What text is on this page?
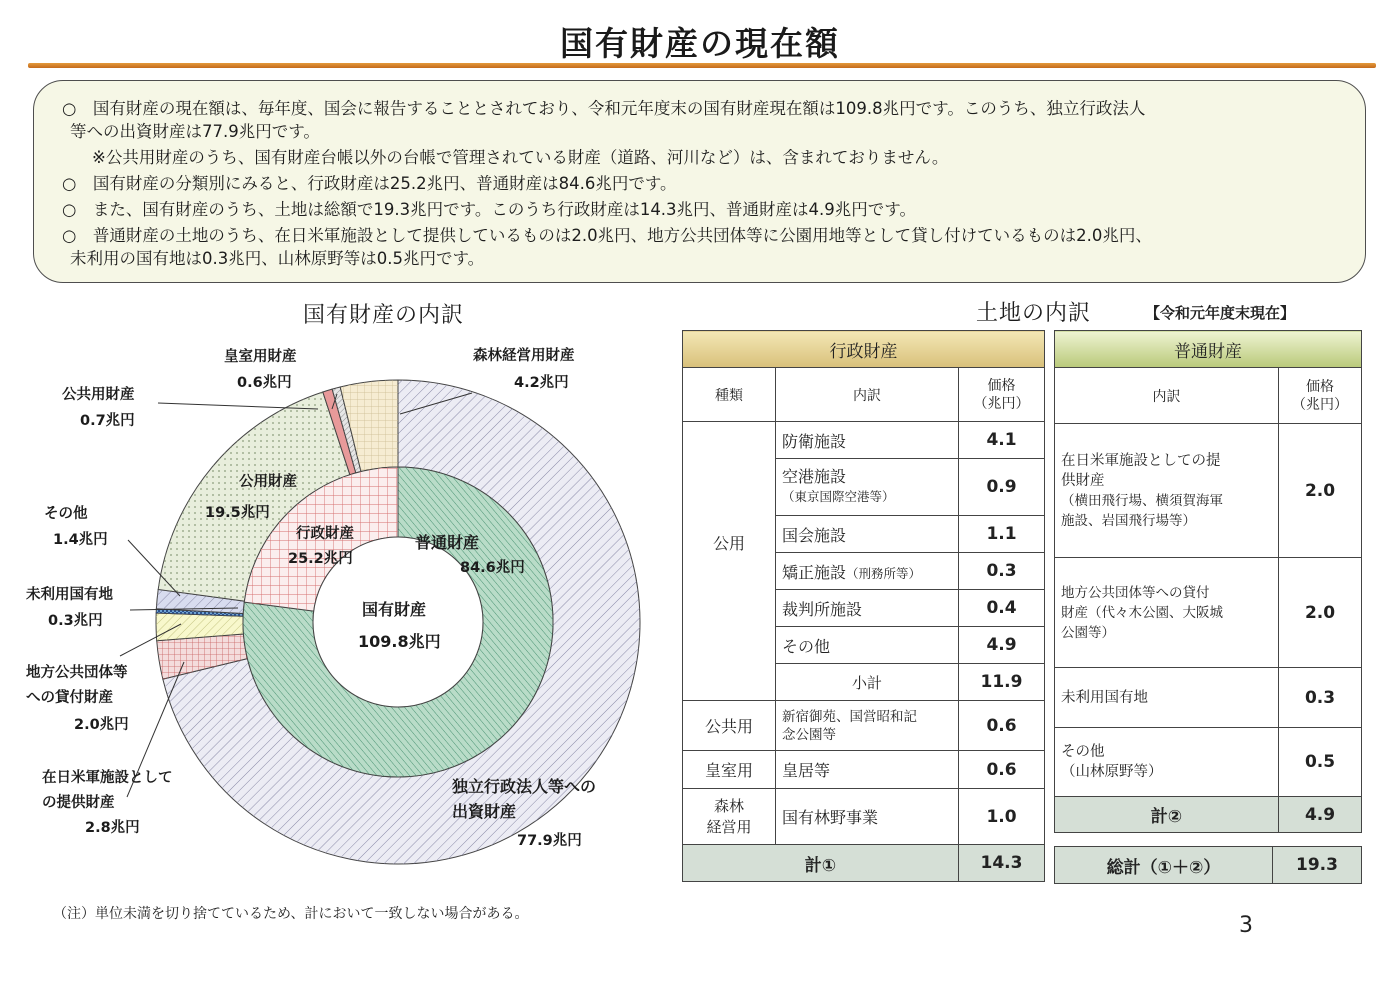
国有財産の現在額
○　国有財産の現在額は、毎年度、国会に報告することとされており、令和元年度末の国有財産現在額は109.8兆円です。このうち、独立行政法人
等への出資財産は77.9兆円です。
※公共用財産のうち、国有財産台帳以外の台帳で管理されている財産（道路、河川など）は、含まれておりません。
○　国有財産の分類別にみると、行政財産は25.2兆円、普通財産は84.6兆円です。
○　また、国有財産のうち、土地は総額で19.3兆円です。このうち行政財産は14.3兆円、普通財産は4.9兆円です。
○　普通財産の土地のうち、在日米軍施設として提供しているものは2.0兆円、地方公共団体等に公園用地等として貸し付けているものは2.0兆円、
未利用の国有地は0.3兆円、山林原野等は0.5兆円です。
国有財産の内訳
国有財産
109.8兆円
普通財産
84.6兆円
行政財産
25.2兆円
公用財産
19.5兆円
森林経営用財産
4.2兆円
皇室用財産
0.6兆円
公共用財産
0.7兆円
その他
1.4兆円
未利用国有地
0.3兆円
地方公共団体等
への貸付財産
2.0兆円
在日米軍施設として
の提供財産
2.8兆円
独立行政法人等への
出資財産
77.9兆円
土地の内訳	【令和元年度末現在】
行政財産		
種類	内訳	価格
（兆円）

公用	防衛施設	4.1

	空港施設
（東京国際空港等）	0.9
	国会施設	1.1
	矯正施設（刑務所等）	0.3
	裁判所施設	0.4
	その他	4.9
	小計	11.9
公共用	新宿御苑、国営昭和記
念公園等	0.6
皇室用	皇居等	0.6

森林
経営用	国有林野事業	1.0
計①		14.3
普通財産	
内訳	価格
（兆円）

在日米軍施設としての提
供財産
（横田飛行場、横須賀海軍
施設、岩国飛行場等）	2.0

地方公共団体等への貸付
財産（代々木公園、大阪城
公園等）	2.0
未利用国有地	0.3

その他
（山林原野等）	0.5
計②	4.9
総計（①＋②）	19.3
（注）単位未満を切り捨てているため、計において一致しない場合がある。	3
